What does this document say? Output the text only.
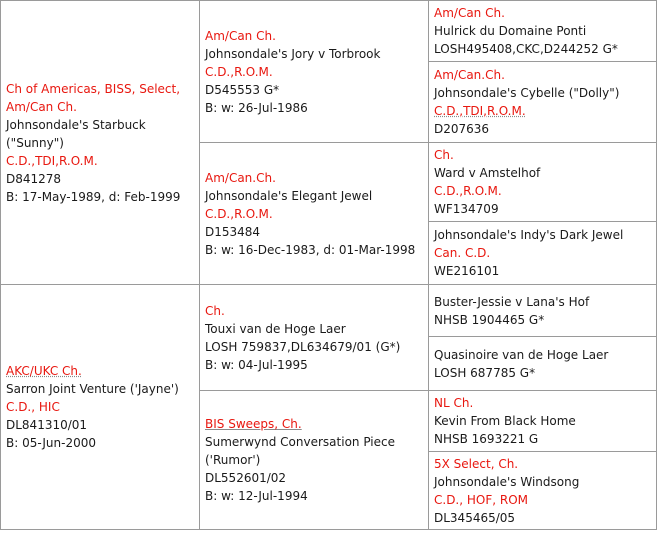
Ch of Americas, BISS, Select,
Am/Can Ch.
Johnsondale's Starbuck
("Sunny")
C.D.,TDI,R.O.M.
D841278
B: 17-May-1989, d: Feb-1999
Am/Can Ch.
Johnsondale's Jory v Torbrook
C.D.,R.O.M.
D545553 G*
B: w: 26-Jul-1986
Am/Can Ch.
Hulrick du Domaine Ponti
LOSH495408,CKC,D244252 G*
Am/Can.Ch.
Johnsondale's Cybelle ("Dolly")
C.D.,TDI,R.O.M.
D207636
Am/Can.Ch.
Johnsondale's Elegant Jewel
C.D.,R.O.M.
D153484
B: w: 16-Dec-1983, d: 01-Mar-1998
Ch.
Ward v Amstelhof
C.D.,R.O.M.
WF134709
Johnsondale's Indy's Dark Jewel
Can. C.D.
WE216101
AKC/UKC Ch.
Sarron Joint Venture ('Jayne')
C.D., HIC
DL841310/01
B: 05-Jun-2000
Ch.
Touxi van de Hoge Laer
LOSH 759837,DL634679/01 (G*)
B: w: 04-Jul-1995
Buster-Jessie v Lana's Hof
NHSB 1904465 G*
Quasinoire van de Hoge Laer
LOSH 687785 G*
BIS Sweeps, Ch.
Sumerwynd Conversation Piece
('Rumor')
DL552601/02
B: w: 12-Jul-1994
NL Ch.
Kevin From Black Home
NHSB 1693221 G
5X Select, Ch.
Johnsondale's Windsong
C.D., HOF, ROM
DL345465/05
